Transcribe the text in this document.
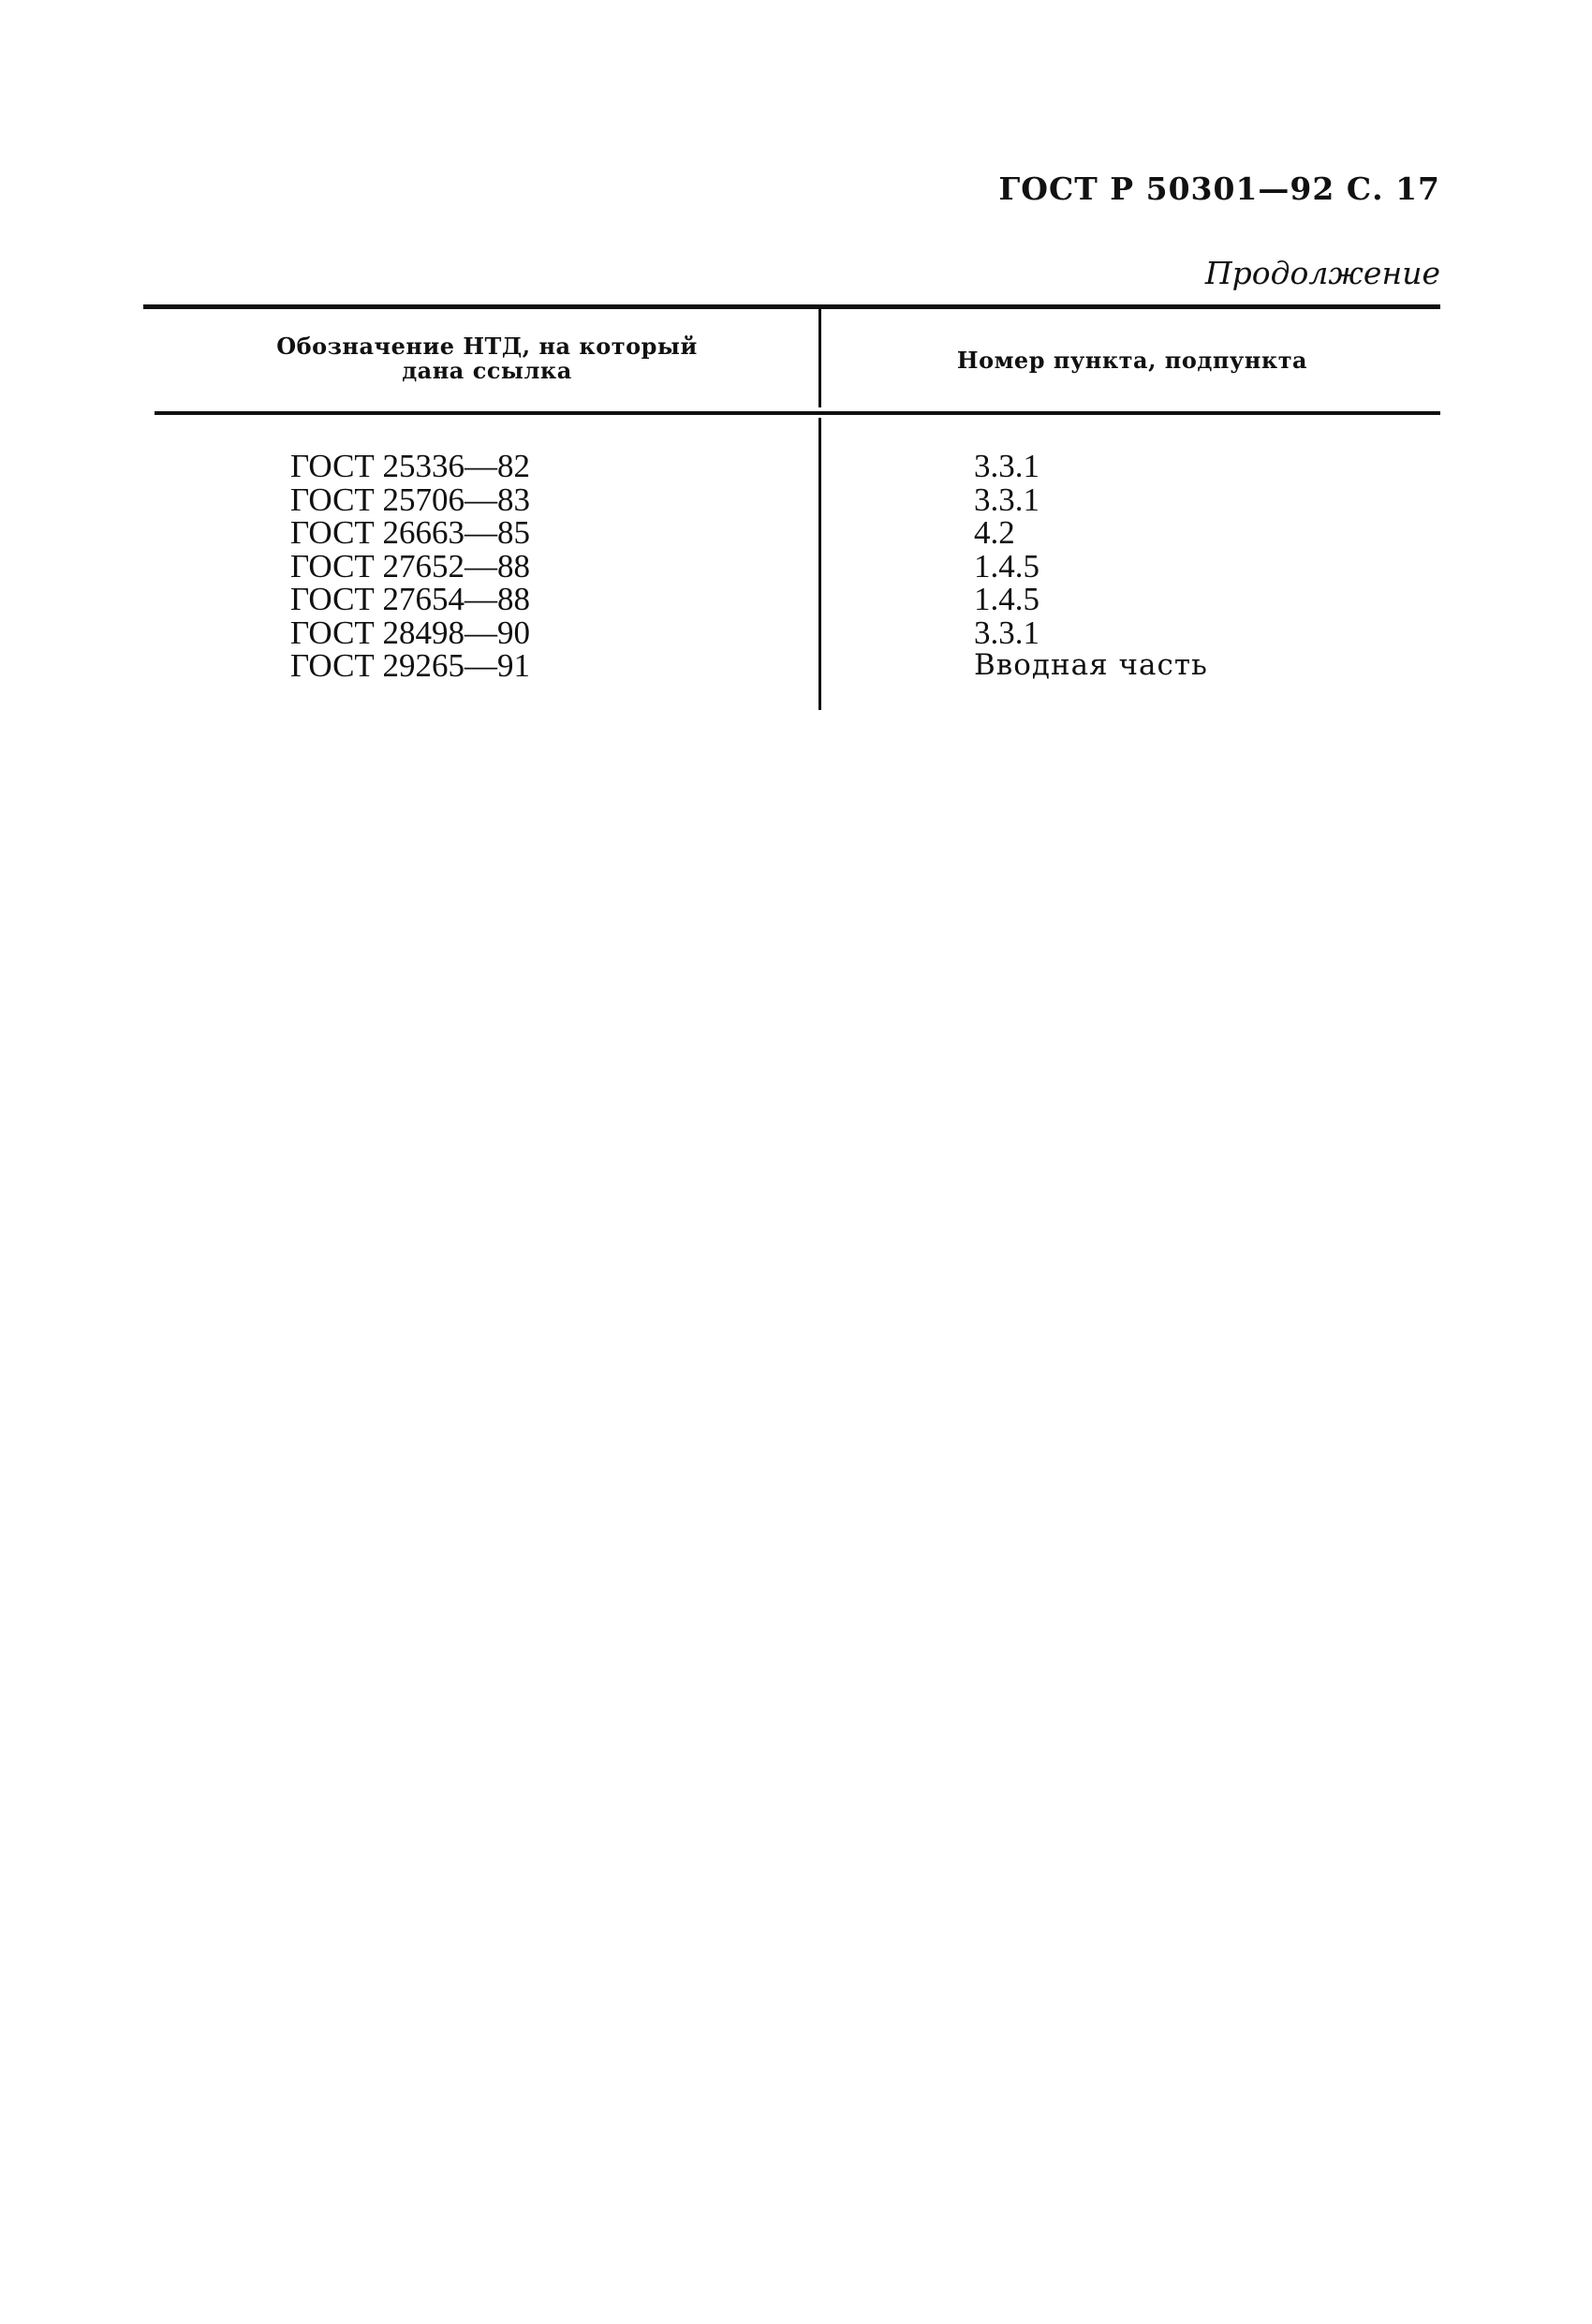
ГОСТ Р 50301—92 С. 17
Продолжение
Обозначение НТД, на который
дана ссылка	Номер пункта, подпункта
ГОСТ 25336—82
ГОСТ 25706—83
ГОСТ 26663—85
ГОСТ 27652—88
ГОСТ 27654—88
ГОСТ 28498—90
ГОСТ 29265—91
3.3.1
3.3.1
4.2
1.4.5
1.4.5
3.3.1
Вводная часть
